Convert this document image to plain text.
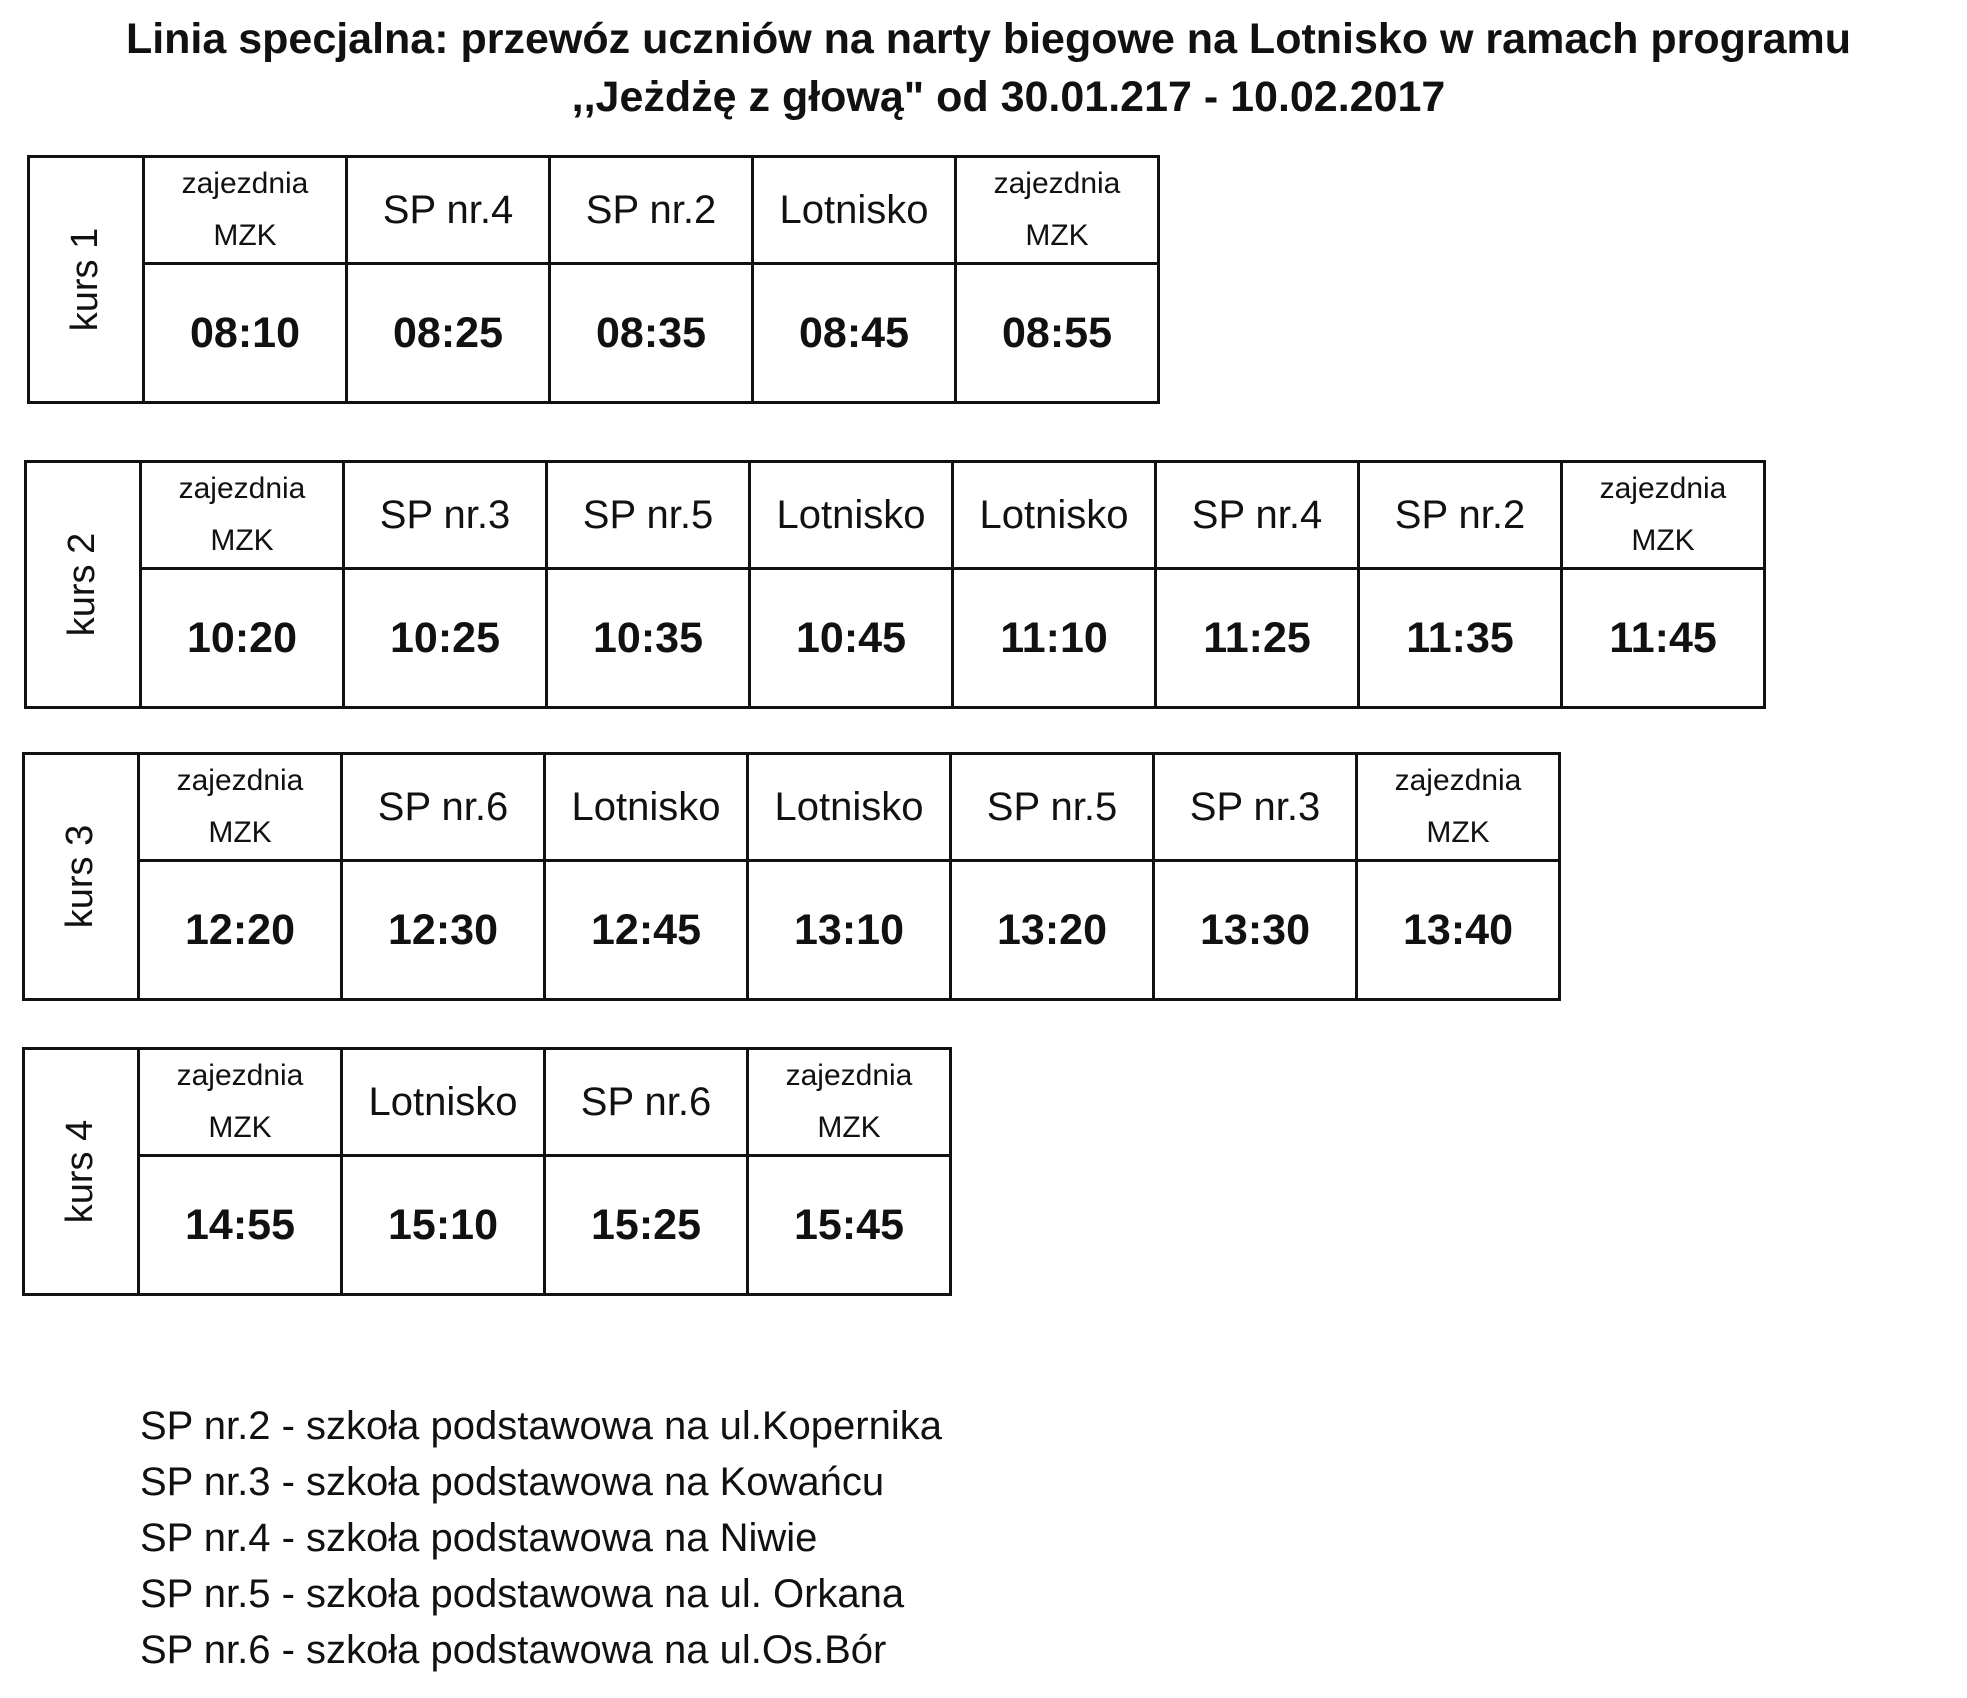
Linia specjalna: przewóz uczniów na narty biegowe na Lotnisko w ramach programu
,,Jeżdżę z głową" od 30.01.217 - 10.02.2017
kurs 1	zajezdnia MZK	SP nr.4	SP nr.2	Lotnisko	zajezdnia MZK
	08:10	08:25	08:35	08:45	08:55
kurs 2	zajezdnia MZK	SP nr.3	SP nr.5	Lotnisko	Lotnisko	SP nr.4	SP nr.2	zajezdnia MZK
	10:20	10:25	10:35	10:45	11:10	11:25	11:35	11:45
kurs 3	zajezdnia MZK	SP nr.6	Lotnisko	Lotnisko	SP nr.5	SP nr.3	zajezdnia MZK
	12:20	12:30	12:45	13:10	13:20	13:30	13:40
kurs 4	zajezdnia MZK	Lotnisko	SP nr.6	zajezdnia MZK
	14:55	15:10	15:25	15:45
SP nr.2 - szkoła podstawowa na ul.Kopernika
SP nr.3 - szkoła podstawowa na Kowańcu
SP nr.4 - szkoła podstawowa na Niwie
SP nr.5 - szkoła podstawowa na ul. Orkana
SP nr.6 - szkoła podstawowa na ul.Os.Bór
